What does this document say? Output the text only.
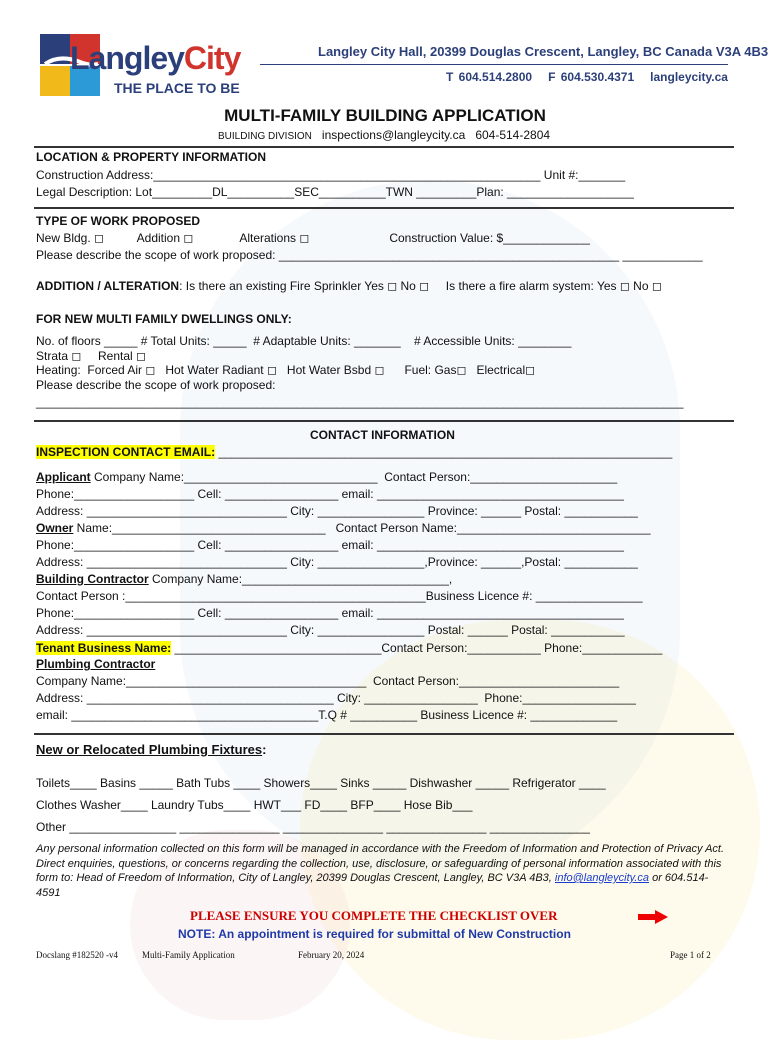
LangleyCity
THE PLACE TO BE
Langley City Hall, 20399 Douglas Crescent, Langley, BC Canada V3A 4B3
T 604.514.2800   F 604.530.4371   langleycity.ca
MULTI-FAMILY BUILDING APPLICATION
BUILDING DIVISION inspections@langleycity.ca 604-514-2804
LOCATION & PROPERTY INFORMATION
Construction Address:__________________________________________________________ Unit #:_______
Legal Description: Lot_________DL__________SEC__________TWN _________Plan: ___________________
TYPE OF WORK PROPOSED
New Bldg. ◻          Addition ◻              Alterations ◻                        Construction Value: $_____________
Please describe the scope of work proposed: ___________________________________________________ ____________
ADDITION / ALTERATION: Is there an existing Fire Sprinkler Yes ◻ No ◻     Is there a fire alarm system: Yes ◻ No ◻
FOR NEW MULTI FAMILY DWELLINGS ONLY:
No. of floors _____ # Total Units: _____  # Adaptable Units: _______    # Accessible Units: ________
Strata ◻     Rental ◻
Heating:  Forced Air ◻   Hot Water Radiant ◻   Hot Water Bsbd ◻      Fuel: Gas◻   Electrical◻
Please describe the scope of work proposed:
_________________________________________________________________________________________________
CONTACT INFORMATION
INSPECTION CONTACT EMAIL: ____________________________________________________________________
Applicant Company Name:_____________________________  Contact Person:______________________
Phone:__________________ Cell: _________________ email: _____________________________________
Address: ______________________________ City: ________________ Province: ______ Postal: ___________
Owner Name:________________________________   Contact Person Name:_____________________________
Phone:__________________ Cell: _________________ email: _____________________________________
Address: ______________________________ City: ________________,Province: ______,Postal: ___________
Building Contractor Company Name:_______________________________,
Contact Person :_____________________________________________Business Licence #: ________________
Phone:__________________ Cell: _________________ email: _____________________________________
Address: ______________________________ City: ________________ Postal: ______ Postal: ___________
Tenant Business Name: _______________________________Contact Person:___________ Phone:____________
Plumbing Contractor
Company Name:____________________________________  Contact Person:________________________
Address: _____________________________________ City: _________________  Phone:_________________
email: _____________________________________T.Q # __________ Business Licence #: _____________
New or Relocated Plumbing Fixtures:
Toilets____ Basins _____ Bath Tubs ____ Showers____ Sinks _____ Dishwasher _____ Refrigerator ____
Clothes Washer____ Laundry Tubs____ HWT___ FD____ BFP____ Hose Bib___
Other ________________ _______________ _______________ _______________ _______________
Any personal information collected on this form will be managed in accordance with the Freedom of Information and Protection of Privacy Act. Direct enquiries, questions, or concerns regarding the collection, use, disclosure, or safeguarding of personal information associated with this form to: Head of Freedom of Information, City of Langley, 20399 Douglas Crescent, Langley, BC V3A 4B3, info@langleycity.ca or 604.514-4591
PLEASE ENSURE YOU COMPLETE THE CHECKLIST OVER
NOTE: An appointment is required for submittal of New Construction
Docslang #182520 -v4	Multi-Family Application	February 20, 2024	Page 1 of 2
